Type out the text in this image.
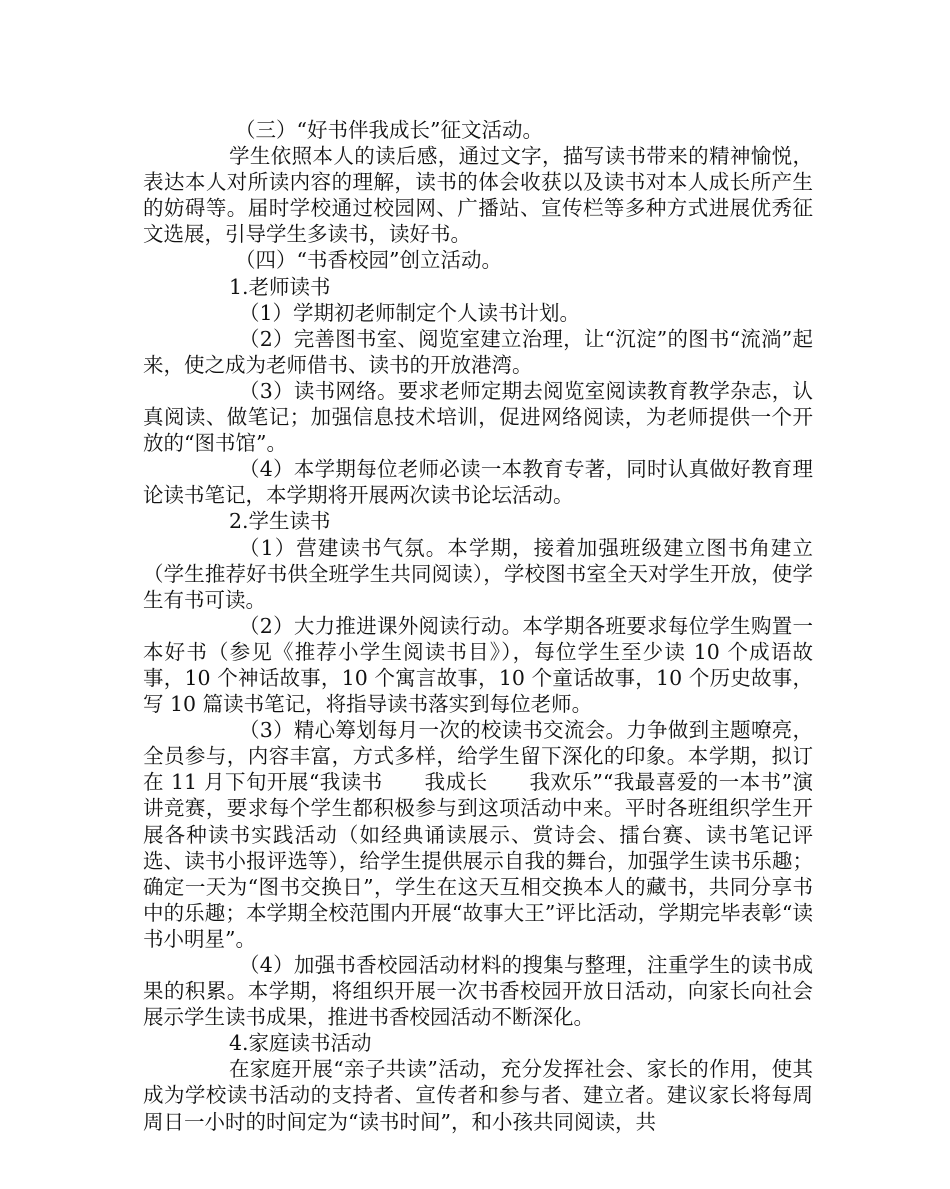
（三）“好书伴我成长”征文活动。

学生依照本人的读后感，通过文字，描写读书带来的精神愉悦，表达本人对所读内容的理解，读书的体会收获以及读书对本人成长所产生的妨碍等。届时学校通过校园网、广播站、宣传栏等多种方式进展优秀征文选展，引导学生多读书，读好书。

（四）“书香校园”创立活动。

1.老师读书

（1）学期初老师制定个人读书计划。

（2）完善图书室、阅览室建立治理，让“沉淀”的图书“流淌”起来，使之成为老师借书、读书的开放港湾。

（3）读书网络。要求老师定期去阅览室阅读教育教学杂志，认真阅读、做笔记；加强信息技术培训，促进网络阅读，为老师提供一个开放的“图书馆”。

（4）本学期每位老师必读一本教育专著，同时认真做好教育理论读书笔记，本学期将开展两次读书论坛活动。

2.学生读书

（1）营建读书气氛。本学期，接着加强班级建立图书角建立（学生推荐好书供全班学生共同阅读），学校图书室全天对学生开放，使学生有书可读。

（2）大力推进课外阅读行动。本学期各班要求每位学生购置一本好书（参见《推荐小学生阅读书目》），每位学生至少读 10 个成语故事，10 个神话故事，10 个寓言故事，10 个童话故事，10 个历史故事，写 10 篇读书笔记，将指导读书落实到每位老师。

（3）精心筹划每月一次的校读书交流会。力争做到主题嘹亮，全员参与，内容丰富，方式多样，给学生留下深化的印象。本学期，拟订在 11 月下旬开展“我读书　　我成长　　我欢乐”“我最喜爱的一本书”演讲竞赛，要求每个学生都积极参与到这项活动中来。平时各班组织学生开展各种读书实践活动（如经典诵读展示、赏诗会、擂台赛、读书笔记评选、读书小报评选等），给学生提供展示自我的舞台，加强学生读书乐趣；确定一天为“图书交换日”，学生在这天互相交换本人的藏书，共同分享书中的乐趣；本学期全校范围内开展“故事大王”评比活动，学期完毕表彰“读书小明星”。

（4）加强书香校园活动材料的搜集与整理，注重学生的读书成果的积累。本学期，将组织开展一次书香校园开放日活动，向家长向社会展示学生读书成果，推进书香校园活动不断深化。

4.家庭读书活动

在家庭开展“亲子共读”活动，充分发挥社会、家长的作用，使其成为学校读书活动的支持者、宣传者和参与者、建立者。建议家长将每周周日一小时的时间定为“读书时间”，和小孩共同阅读，共
